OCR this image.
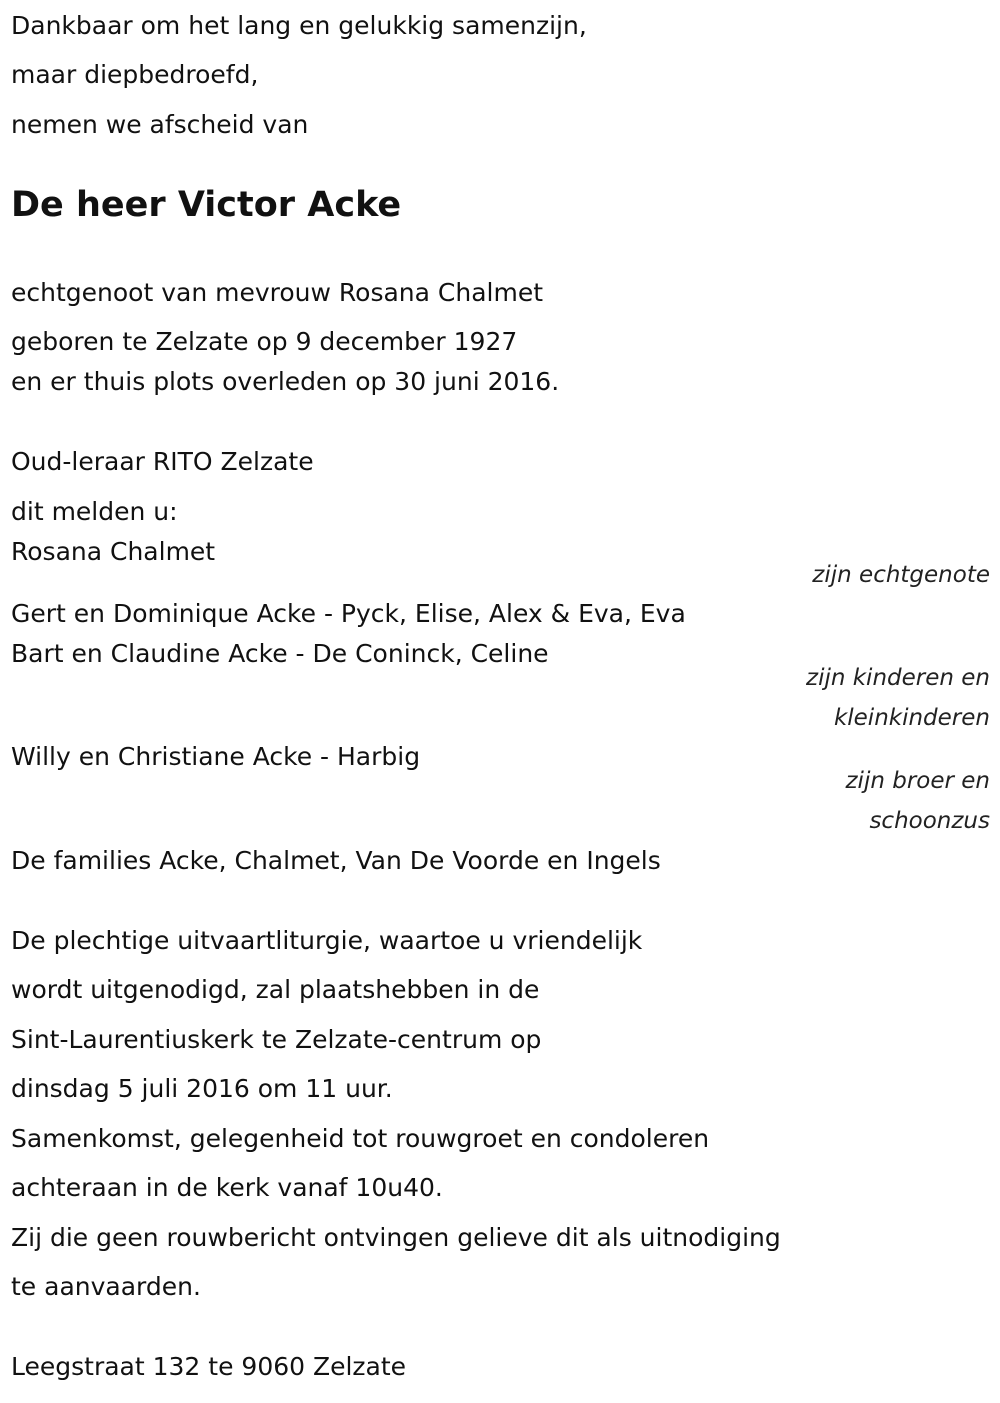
Dankbaar om het lang en gelukkig samenzijn,

maar diepbedroefd,

nemen we afscheid van

De heer Victor Acke

echtgenoot van mevrouw Rosana Chalmet

geboren te Zelzate op 9 december 1927

en er thuis plots overleden op 30 juni 2016.

Oud-leraar RITO Zelzate

dit melden u:

Rosana Chalmet

zijn echtgenote

Gert en Dominique Acke - Pyck, Elise, Alex & Eva, Eva

Bart en Claudine Acke - De Coninck, Celine

zijn kinderen en
kleinkinderen

Willy en Christiane Acke - Harbig

zijn broer en
schoonzus

De families Acke, Chalmet, Van De Voorde en Ingels

De plechtige uitvaartliturgie, waartoe u vriendelijk

wordt uitgenodigd, zal plaatshebben in de

Sint-Laurentiuskerk te Zelzate-centrum op

dinsdag 5 juli 2016 om 11 uur.

Samenkomst, gelegenheid tot rouwgroet en condoleren

achteraan in de kerk vanaf 10u40.

Zij die geen rouwbericht ontvingen gelieve dit als uitnodiging

te aanvaarden.

Leegstraat 132 te 9060 Zelzate
